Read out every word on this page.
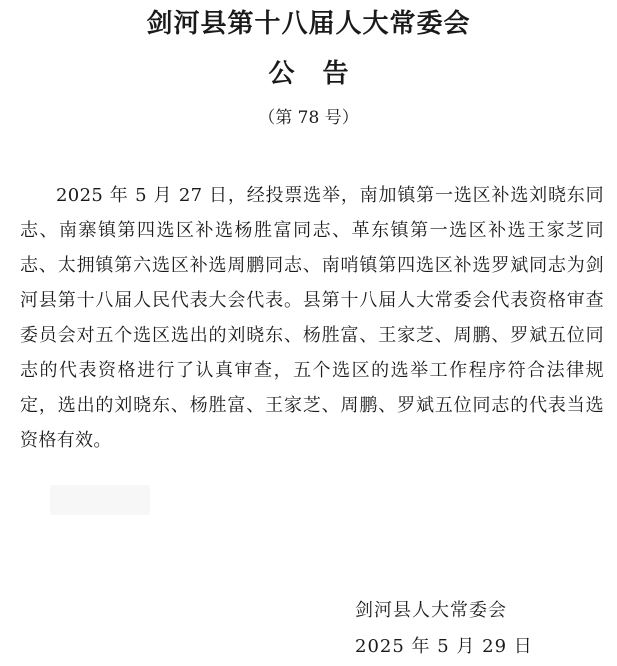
剑河县第十八届人大常委会
公告
（第 78 号）

2025 年 5 月 27 日，经投票选举，南加镇第一选区补选刘晓东同志、南寨镇第四选区补选杨胜富同志、革东镇第一选区补选王家芝同志、太拥镇第六选区补选周鹏同志、南哨镇第四选区补选罗斌同志为剑河县第十八届人民代表大会代表。县第十八届人大常委会代表资格审查委员会对五个选区选出的刘晓东、杨胜富、王家芝、周鹏、罗斌五位同志的代表资格进行了认真审查，五个选区的选举工作程序符合法律规定，选出的刘晓东、杨胜富、王家芝、周鹏、罗斌五位同志的代表当选资格有效。

剑河县人大常委会
2025 年 5 月 29 日
